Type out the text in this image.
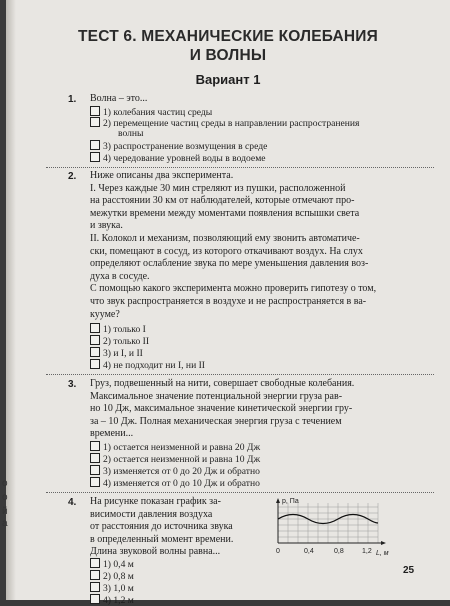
ТЕСТ 6. МЕХАНИЧЕСКИЕ КОЛЕБАНИЯ
И ВОЛНЫ
Вариант 1
1. Волна – это...
1) колебания частиц среды
2) перемещение частиц среды в направлении распространения
волны
3) распространение возмущения в среде
4) чередование уровней воды в водоеме
2. Ниже описаны два эксперимента.
I. Через каждые 30 мин стреляют из пушки, расположенной
на расстоянии 30 км от наблюдателей, которые отмечают про-
межутки времени между моментами появления вспышки света
и звука.
II. Колокол и механизм, позволяющий ему звонить автоматиче-
ски, помещают в сосуд, из которого откачивают воздух. На слух
определяют ослабление звука по мере уменьшения давления воз-
духа в сосуде.
С помощью какого эксперимента можно проверить гипотезу о том,
что звук распространяется в воздухе и не распространяется в ва-
кууме?
1) только I
2) только II
3) и I, и II
4) не подходит ни I, ни II
3. Груз, подвешенный на нити, совершает свободные колебания.
Максимальное значение потенциальной энергии груза рав-
но 10 Дж, максимальное значение кинетической энергии гру-
за – 10 Дж. Полная механическая энергия груза с течением
времени...
1) остается неизменной и равна 20 Дж
2) остается неизменной и равна 10 Дж
3) изменяется от 0 до 20 Дж и обратно
4) изменяется от 0 до 10 Дж и обратно
4. На рисунке показан график за-
висимости давления воздуха
от расстояния до источника звука
в определенный момент времени.
Длина звуковой волны равна...
1) 0,4 м
2) 0,8 м
3) 1,0 м
4) 1,2 м
p, Па
L, м
0	0,4	0,8	1,2
25
о
о
й
а
